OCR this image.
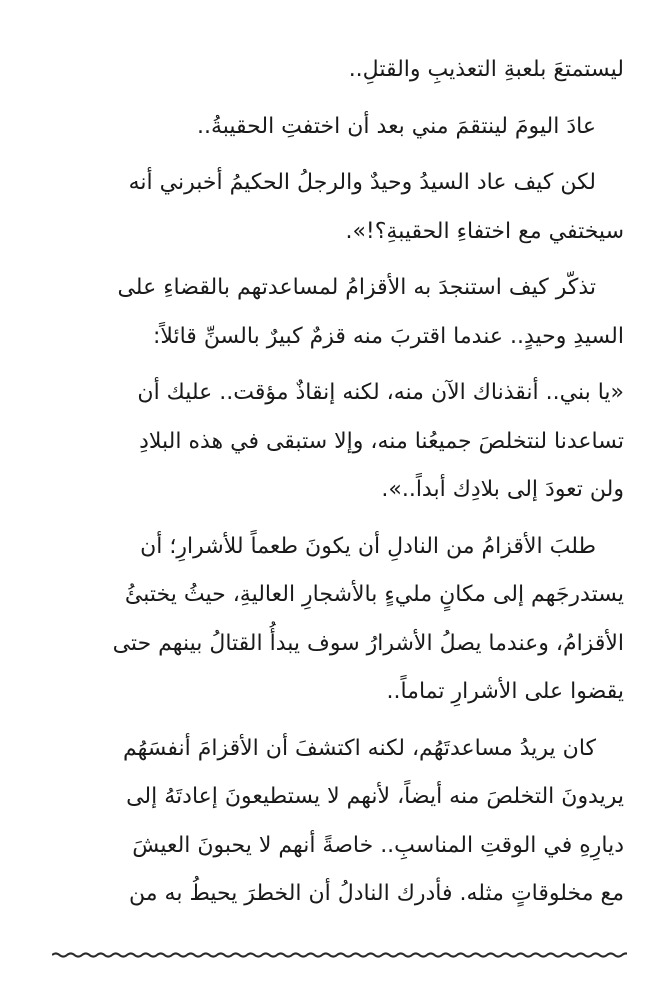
ليستمتعَ بلعبةِ التعذيبِ والقتلِ..
عادَ اليومَ لينتقمَ مني بعد أن اختفتِ الحقيبةُ..
لكن كيف عاد السيدُ وحيدٌ والرجلُ الحكيمُ أخبرني أنه
سيختفي مع اختفاءِ الحقيبةِ؟!».
تذكّر كيف استنجدَ به الأقزامُ لمساعدتهم بالقضاءِ على
السيدِ وحيدٍ.. عندما اقتربَ منه قزمٌ كبيرٌ بالسنِّ قائلاً:
«يا بني.. أنقذناك الآن منه، لكنه إنقاذٌ مؤقت.. عليك أن
تساعدنا لنتخلصَ جميعُنا منه، وإلا ستبقى في هذه البلادِ
ولن تعودَ إلى بلادِك أبداً..».
طلبَ الأقزامُ من النادلِ أن يكونَ طعماً للأشرارِ؛ أن
يستدرجَهم إلى مكانٍ مليءٍ بالأشجارِ العاليةِ، حيثُ يختبئُ
الأقزامُ، وعندما يصلُ الأشرارُ سوف يبدأُ القتالُ بينهم حتى
يقضوا على الأشرارِ تماماً..
كان يريدُ مساعدتَهُم، لكنه اكتشفَ أن الأقزامَ أنفسَهُم
يريدونَ التخلصَ منه أيضاً، لأنهم لا يستطيعونَ إعادتَهُ إلى
ديارِهِ في الوقتِ المناسبِ.. خاصةً أنهم لا يحبونَ العيشَ
مع مخلوقاتٍ مثله. فأدرك النادلُ أن الخطرَ يحيطُ به من
